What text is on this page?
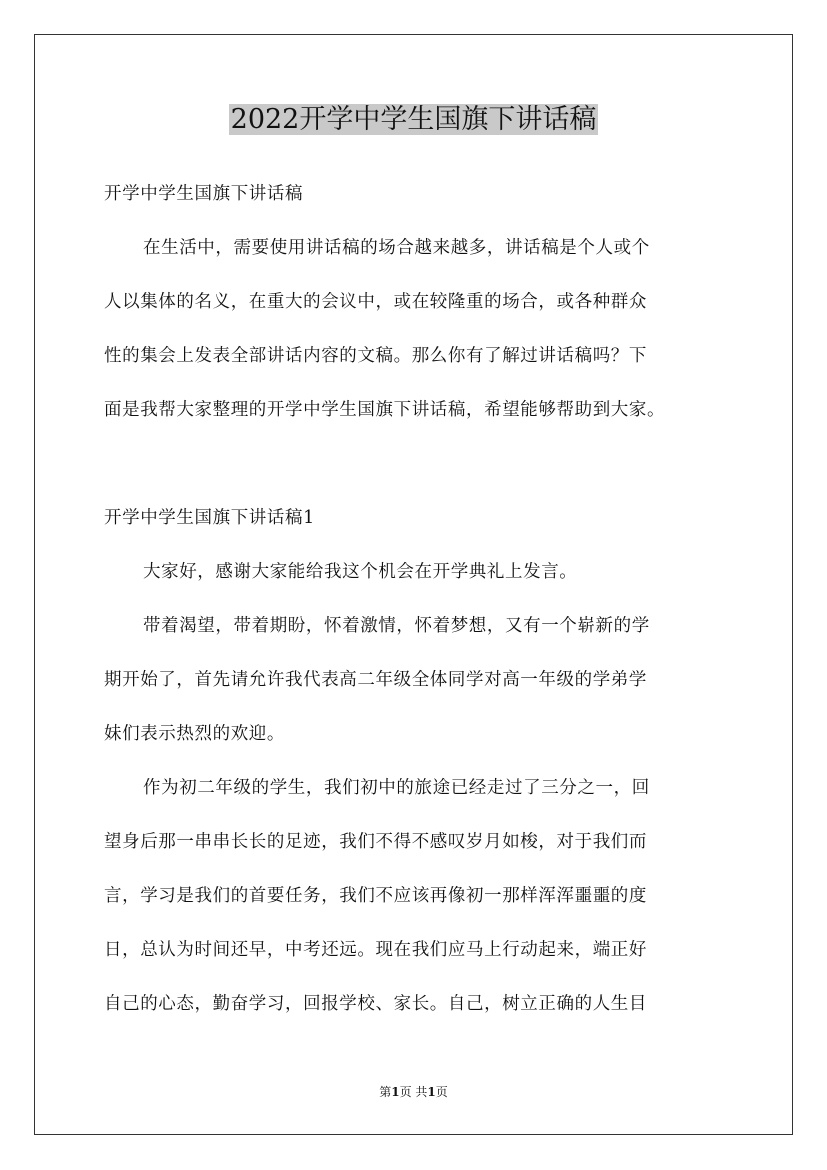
2022开学中学生国旗下讲话稿
开学中学生国旗下讲话稿
在生活中，需要使用讲话稿的场合越来越多，讲话稿是个人或个
人以集体的名义，在重大的会议中，或在较隆重的场合，或各种群众
性的集会上发表全部讲话内容的文稿。那么你有了解过讲话稿吗？下
面是我帮大家整理的开学中学生国旗下讲话稿，希望能够帮助到大家。
开学中学生国旗下讲话稿1
大家好，感谢大家能给我这个机会在开学典礼上发言。
带着渴望，带着期盼，怀着激情，怀着梦想，又有一个崭新的学
期开始了，首先请允许我代表高二年级全体同学对高一年级的学弟学
妹们表示热烈的欢迎。
作为初二年级的学生，我们初中的旅途已经走过了三分之一，回
望身后那一串串长长的足迹，我们不得不感叹岁月如梭，对于我们而
言，学习是我们的首要任务，我们不应该再像初一那样浑浑噩噩的度
日，总认为时间还早，中考还远。现在我们应马上行动起来，端正好
自己的心态，勤奋学习，回报学校、家长。自己，树立正确的人生目
第1页 共1页
